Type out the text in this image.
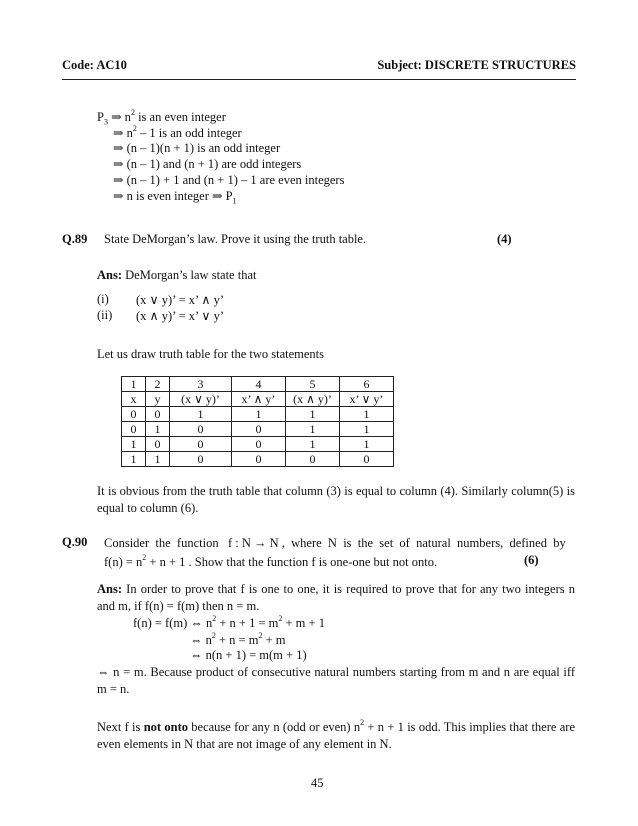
Code: AC10	Subject: DISCRETE STRUCTURES
$P_3$ ⇒ $n^2$ is an even integer
⇒ $n^2 - 1$ is an odd integer
⇒ (n – 1)(n + 1) is an odd integer
⇒ (n – 1) and (n + 1) are odd integers
⇒ (n – 1) + 1 and (n + 1) – 1 are even integers
⇒ n is even integer ⇒ $P_1$
Q.89 State DeMorgan’s law. Prove it using the truth table.	(4)
Ans: DeMorgan’s law state that
(i) (x ∨ y)’ = x’ ∧ y’
(ii) (x ∧ y)’ = x’ ∨ y’
Let us draw truth table for the two statements
1	2	3	4	5	6
x	y	(x ∨ y)’	x’ ∧ y’	(x ∧ y)’	x’ ∨ y’
0	0	1	1	1	1
0	1	0	0	1	1
1	0	0	0	1	1
1	1	0	0	0	0
It is obvious from the truth table that column (3) is equal to column (4). Similarly column(5) is equal to column (6).
Q.90 Consider  the  function   f : N → N ,  where  N  is  the  set  of  natural  numbers,  defined  by
$f(n) = n^2 + n + 1$ . Show that the function f is one-one but not onto.	(6)
Ans: In order to prove that f is one to one, it is required to prove that for any two integers n and m, if f(n) = f(m) then n = m.
f(n) = f(m) ⇔ $n^2 + n + 1 = m^2 + m + 1$
⇔ $n^2 + n = m^2 + m$
⇔ n(n + 1) = m(m + 1)
⇔ n = m. Because product of consecutive natural numbers starting from m and n are equal iff m = n.
Next f is not onto because for any n (odd or even) $n^2 + n + 1$ is odd. This implies that there are even elements in N that are not image of any element in N.
45
